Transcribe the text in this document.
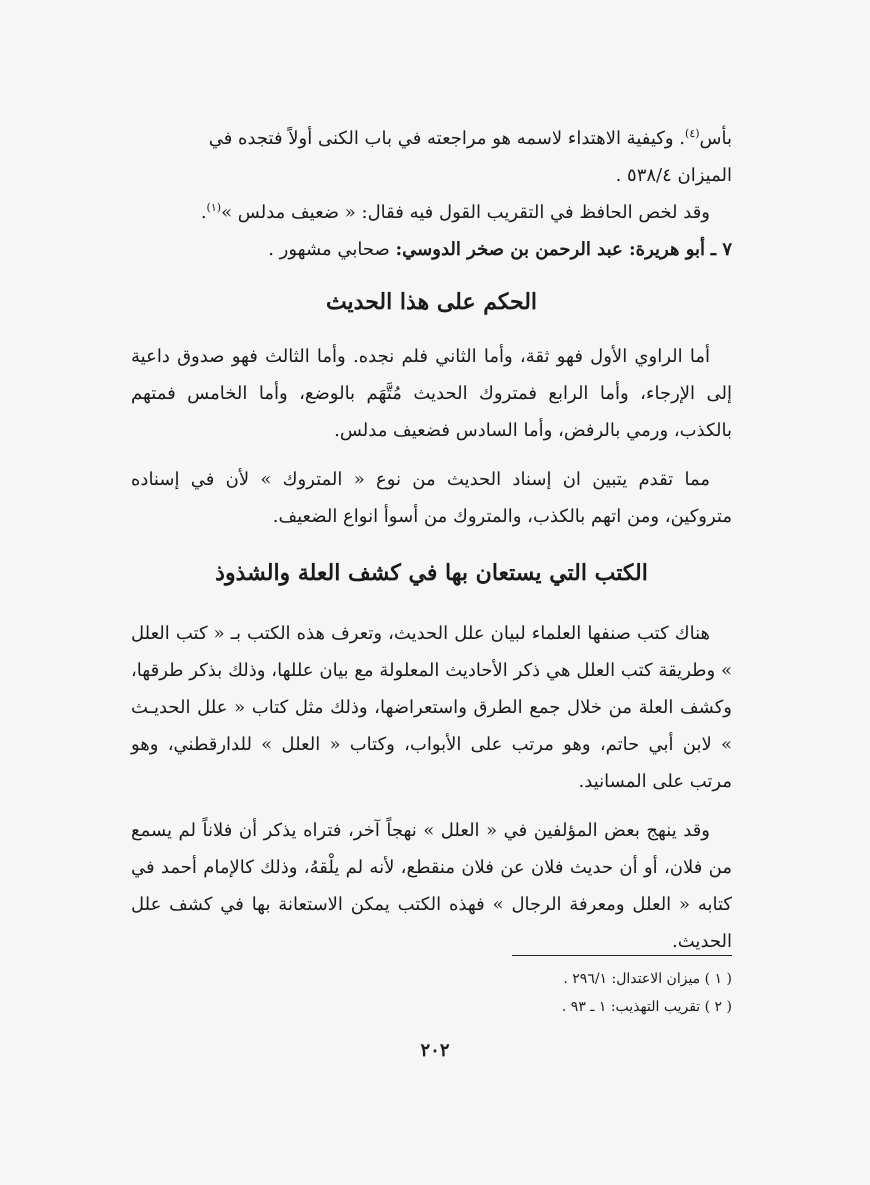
بأس$^{(٤)}$. وكيفية الاهتداء لاسمه هو مراجعته في باب الكنى أولاً فتجده في

الميزان ٥٣٨/٤ .

وقد لخص الحافظ في التقريب القول فيه فقال: « ضعيف مدلس »$^{(١)}$.

٧ ـ أبو هريرة: عبد الرحمن بن صخر الدوسي: صحابي مشهور .

الحكم على هذا الحديث

أما الراوي الأول فهو ثقة، وأما الثاني فلم نجده. وأما الثالث فهو صدوق داعية إلى الإرجاء، وأما الرابع فمتروك الحديث مُتَّهَم بالوضع، وأما الخامس فمتهم بالكذب، ورمي بالرفض، وأما السادس فضعيف مدلس.

مما تقدم يتبين ان إسناد الحديث من نوع « المتروك » لأن في إسناده متروكين، ومن اتهم بالكذب، والمتروك من أسوأ انواع الضعيف.

الكتب التي يستعان بها في كشف العلة والشذوذ

هناك كتب صنفها العلماء لبيان علل الحديث، وتعرف هذه الكتب بـ « كتب العلل » وطريقة كتب العلل هي ذكر الأحاديث المعلولة مع بيان عللها، وذلك بذكر طرقها، وكشف العلة من خلال جمع الطرق واستعراضها، وذلك مثل كتاب « علل الحديـث » لابن أبي حاتم، وهو مرتب على الأبواب، وكتاب « العلل » للدارقطني، وهو مرتب على المسانيد.

وقد ينهج بعض المؤلفين في « العلل » نهجاً آخر، فتراه يذكر أن فلاناً لم يسمع من فلان، أو أن حديث فلان عن فلان منقطع، لأنه لم يلْقهُ، وذلك كالإمام أحمد في كتابه « العلل ومعرفة الرجال » فهذه الكتب يمكن الاستعانة بها في كشف علل الحديث.

( ١ ) ميزان الاعتدال: ٢٩٦/١ .
( ٢ ) تقريب التهذيب: ١ ـ ٩٣ .
٢٠٢
